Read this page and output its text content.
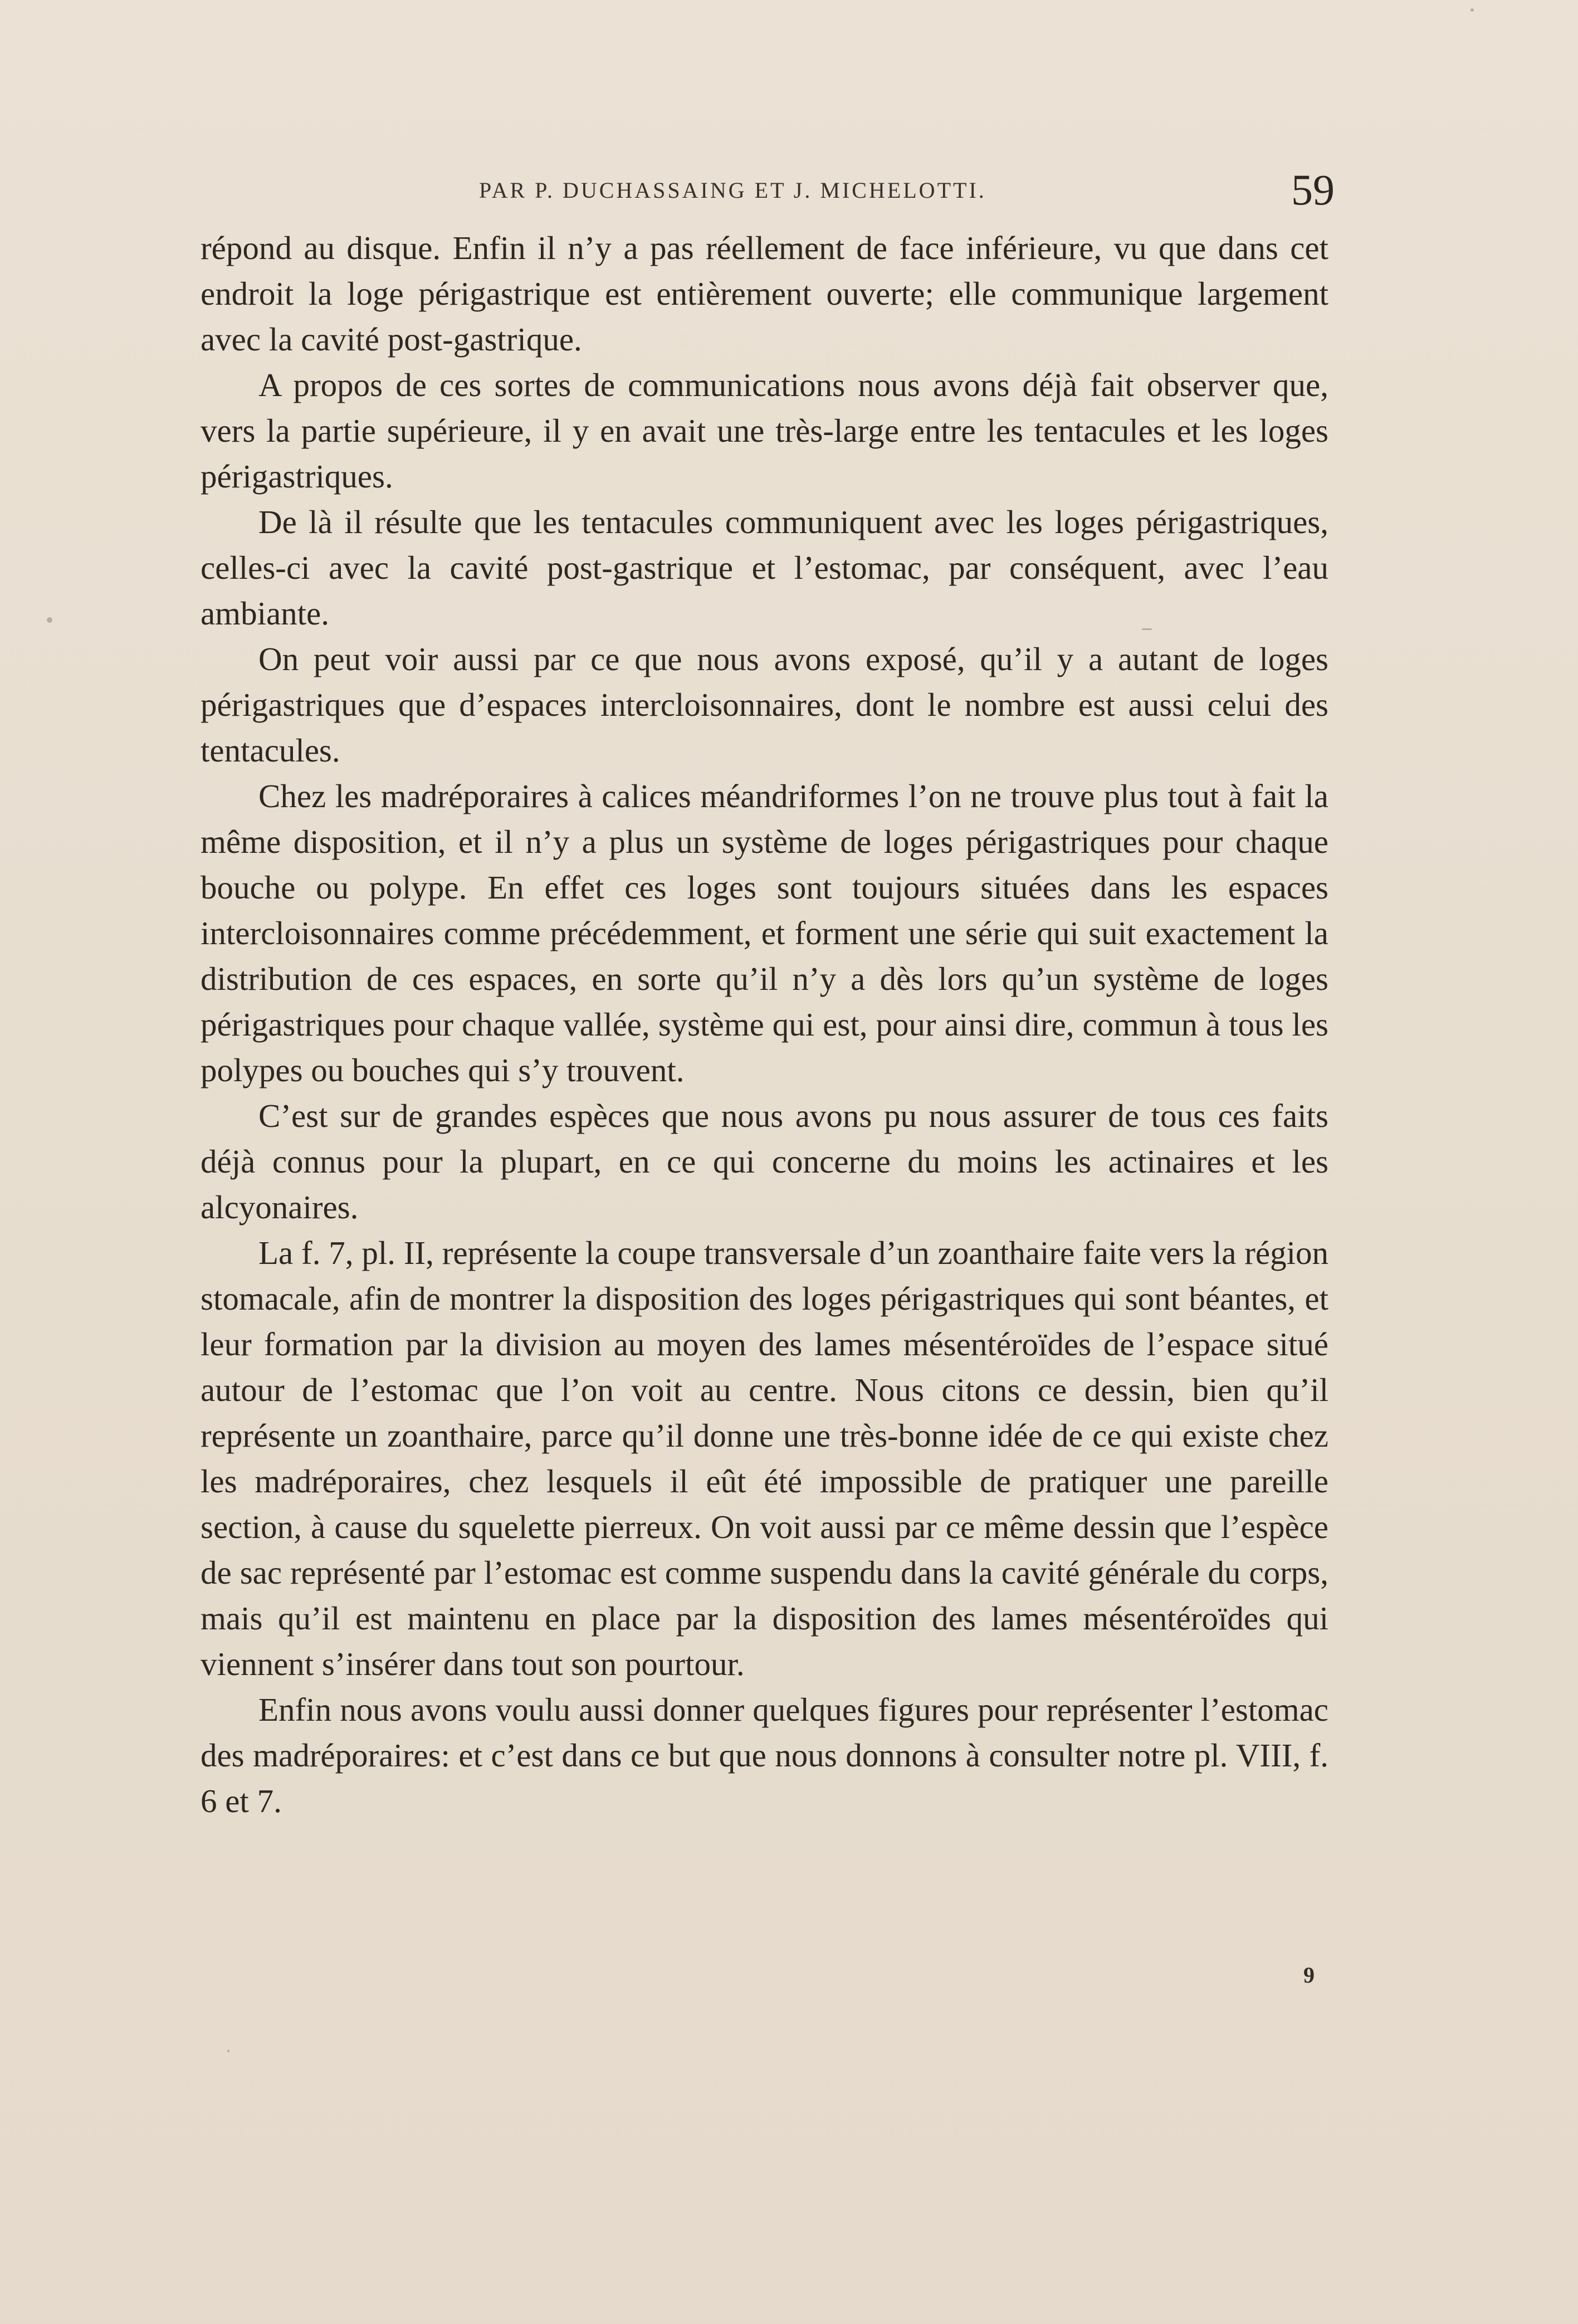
PAR P. DUCHASSAING ET J. MICHELOTTI.	59

répond au disque. Enfin il n’y a pas réellement de face inférieure, vu que dans cet endroit la loge périgastrique est entièrement ouverte; elle communique largement avec la cavité post-gastrique.

A propos de ces sortes de communications nous avons déjà fait observer que, vers la partie supérieure, il y en avait une très-large entre les tentacules et les loges périgastriques.

De là il résulte que les tentacules communiquent avec les loges périgastriques, celles-ci avec la cavité post-gastrique et l’estomac, par conséquent, avec l’eau ambiante.

On peut voir aussi par ce que nous avons exposé, qu’il y a autant de loges périgastriques que d’espaces intercloisonnaires, dont le nombre est aussi celui des tentacules.

Chez les madréporaires à calices méandriformes l’on ne trouve plus tout à fait la même disposition, et il n’y a plus un système de loges périgastriques pour chaque bouche ou polype. En effet ces loges sont toujours situées dans les espaces intercloisonnaires comme précédemment, et forment une série qui suit exactement la distribution de ces espaces, en sorte qu’il n’y a dès lors qu’un système de loges périgastriques pour chaque vallée, système qui est, pour ainsi dire, commun à tous les polypes ou bouches qui s’y trouvent.

C’est sur de grandes espèces que nous avons pu nous assurer de tous ces faits déjà connus pour la plupart, en ce qui concerne du moins les actinaires et les alcyonaires.

La f. 7, pl. II, représente la coupe transversale d’un zoanthaire faite vers la région stomacale, afin de montrer la disposition des loges périgastriques qui sont béantes, et leur formation par la division au moyen des lames mésentéroïdes de l’espace situé autour de l’estomac que l’on voit au centre. Nous citons ce dessin, bien qu’il représente un zoanthaire, parce qu’il donne une très-bonne idée de ce qui existe chez les madréporaires, chez lesquels il eût été impossible de pratiquer une pareille section, à cause du squelette pierreux. On voit aussi par ce même dessin que l’espèce de sac représenté par l’estomac est comme suspendu dans la cavité générale du corps, mais qu’il est maintenu en place par la disposition des lames mésentéroïdes qui viennent s’insérer dans tout son pourtour.

Enfin nous avons voulu aussi donner quelques figures pour représenter l’estomac des madréporaires: et c’est dans ce but que nous donnons à consulter notre pl. VIII, f. 6 et 7.

9
